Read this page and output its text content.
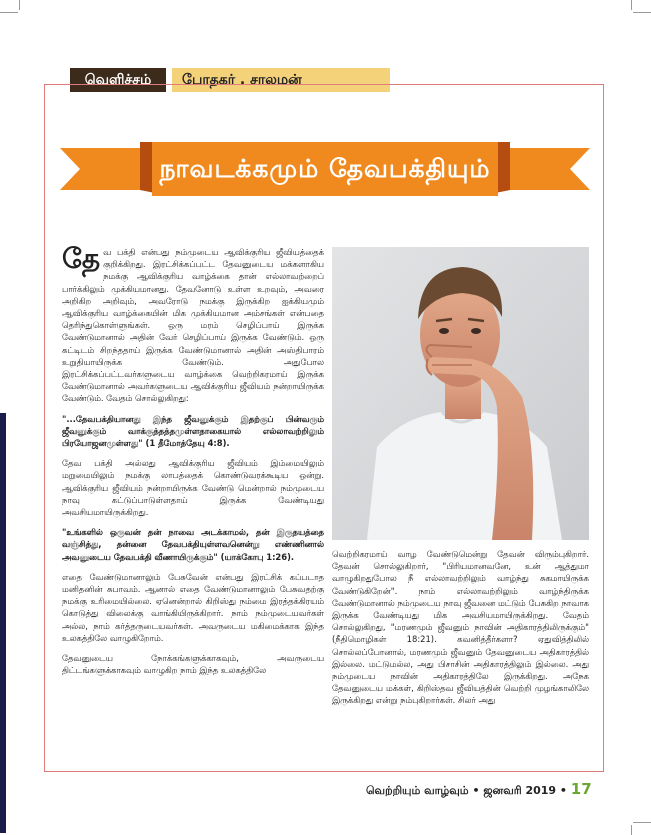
வெளிச்சம்	போதகர் . சாலமன்
நாவடக்கமும் தேவபக்தியும்

தேவ பக்தி என்பது நம்முடைய ஆவிக்குரிய ஜீவியத்தைக் குறிக்கிறது. இரட்சிக்கப்பட்ட தேவனுடைய மக்களாகிய நமக்கு ஆவிக்குரிய வாழ்க்கை தான் எல்லாவற்றைப் பார்க்கிலும் முக்கியமானது. தேவனோடு உள்ள உறவும், அவரை அறிகிற அறிவும், அவரோடு நமக்கு இருக்கிற ஐக்கியமும் ஆவிக்குரிய வாழ்க்கையின் மிக முக்கியமான அம்சங்கள் என்பதை தெரிந்துகொள்ளுங்கள். ஒரு மரம் செழிப்பாய் இருக்க வேண்டுமானால் அதின் வேர் செழிப்பாய் இருக்க வேண்டும். ஒரு கட்டிடம் சிறந்ததாய் இருக்க வேண்டுமானால் அதின் அஸ்திபாரம் உறுதியாயிருக்க வேண்டும். அதுபோல இரட்சிக்கப்பட்டவர்களுடைய வாழ்க்கை வெற்றிகரமாய் இருக்க வேண்டுமானால் அவர்களுடைய ஆவிக்குரிய ஜீவியம் நன்றாயிருக்க வேண்டும். வேதம் சொல்லுகிறது:

"...தேவபக்தியானது இந்த ஜீவனுக்கும் இதற்குப் பின்வரும் ஜீவனுக்கும் வாக்குத்தத்தமுள்ளதாகையால் எல்லாவற்றிலும் பிரயோஜனமுள்ளது" (1 தீமோத்தேயு 4:8).

தேவ பக்தி அல்லது ஆவிக்குரிய ஜீவியம் இம்மையிலும் மறுமையிலும் நமக்கு லாபத்தைக் கொண்டுவரக்கூடிய ஒன்று. ஆவிக்குரிய ஜீவியம் நன்றாயிருக்க வேண்டு மென்றால் நம்முடைய நாவு கட்டுப்பாடுள்ளதாய் இருக்க வேண்டியது அவசியமாயிருக்கிறது.

"உங்களில் ஒருவன் தன் நாவை அடக்காமல், தன் இருதயத்தை வஞ்சித்து, தன்னை தேவபக்தியுள்ளவனென்று எண்ணினால் அவனுடைய தேவபக்தி வீணாயிருக்கும்" (யாக்கோபு 1:26).

எதை வேண்டுமானாலும் பேசுவேன் என்பது இரட்சிக் கப்படாத மனிதனின் சுபாவம். ஆனால் எதை வேண்டுமானாலும் பேசுவதற்கு நமக்கு உரிமையில்லை. ஏனென்றால் கிறிஸ்து நம்மை இரத்தக்கிரயம் கொடுத்து விலைக்கு வாங்கியிருக்கிறார். நாம் நம்முடையவர்கள் அல்ல, நாம் கர்த்தருடையவர்கள். அவருடைய மகிமைக்காக இந்த உலகத்திலே வாழுகிறோம்.

தேவனுடைய நோக்கங்களுக்காகவும், அவருடைய திட்டங்களுக்காகவும் வாழுகிற நாம் இந்த உலகத்திலே

வெற்றிகரமாய் வாழ வேண்டுமென்று தேவன் விரும்புகிறார். தேவன் சொல்லுகிறார், "பிரியமானவனே, உன் ஆத்துமா வாழுகிறதுபோல நீ எல்லாவற்றிலும் வாழ்ந்து சுகமாயிருக்க வேண்டுகிறேன்". நாம் எல்லாவற்றிலும் வாழ்ந்திருக்க வேண்டுமானால் நம்முடைய நாவு ஜீவனை மட்டும் பேசுகிற நாவாக இருக்க வேண்டியது மிக அவசியமாயிருக்கிறது. வேதம் சொல்லுகிறது, "மரணமும் ஜீவனும் நாவின் அதிகாரத்திலிருக்கும்" (நீதிமொழிகள் 18:21). கவனித்தீர்களா? ஏதுவித்திலில் சொல்லப்போனால், மரணமும் ஜீவனும் தேவனுடைய அதிகாரத்தில் இல்லை. மட்டுமல்ல, அது பிசாசின் அதிகாரத்திலும் இல்லை. அது நம்முடைய நாவின் அதிகாரத்திலே இருக்கிறது. அநேக தேவனுடைய மக்கள், கிறிஸ்தவ ஜீவியத்தின் வெற்றி முழங்காலிலே இருக்கிறது என்று நம்புகிறார்கள். சிலர் அது

வெற்றியும் வாழ்வும் • ஜனவரி 2019 • 17
